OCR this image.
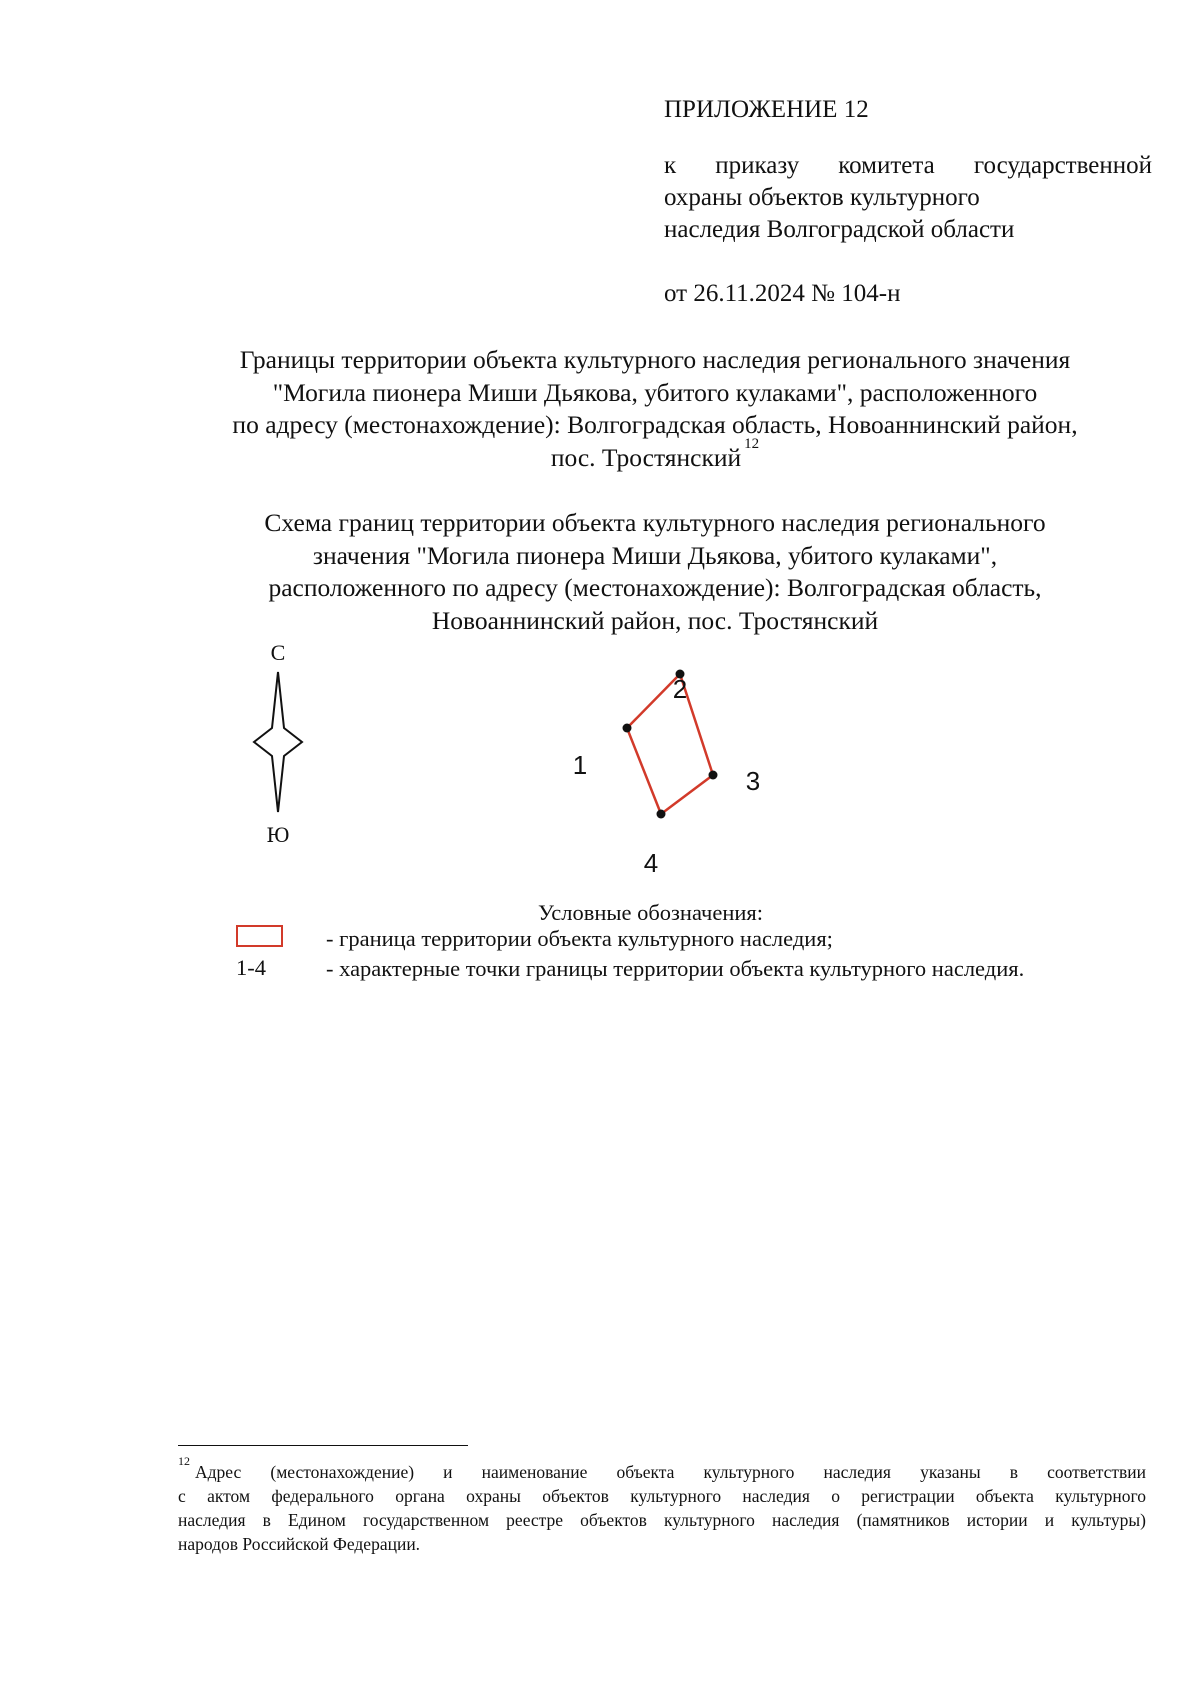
ПРИЛОЖЕНИЕ 12
к приказу комитета государственной
охраны объектов культурного
наследия Волгоградской области
от 26.11.2024 № 104-н
Границы территории объекта культурного наследия регионального значения
"Могила пионера Миши Дьякова, убитого кулаками", расположенного
по адресу (местонахождение): Волгоградская область, Новоаннинский район,
пос. Тростянский $^{12}$
Схема границ территории объекта культурного наследия регионального
значения "Могила пионера Миши Дьякова, убитого кулаками",
расположенного по адресу (местонахождение): Волгоградская область,
Новоаннинский район, пос. Тростянский
С
Ю
1
2
3
4
Условные обозначения:
1-4
- граница территории объекта культурного наследия;
- характерные точки границы территории объекта культурного наследия.
$^{12}$Адрес (местонахождение) и наименование объекта культурного наследия указаны в соответствии
с актом федерального органа охраны объектов культурного наследия о регистрации объекта культурного
наследия в Едином государственном реестре объектов культурного наследия (памятников истории и культуры)
народов Российской Федерации.
